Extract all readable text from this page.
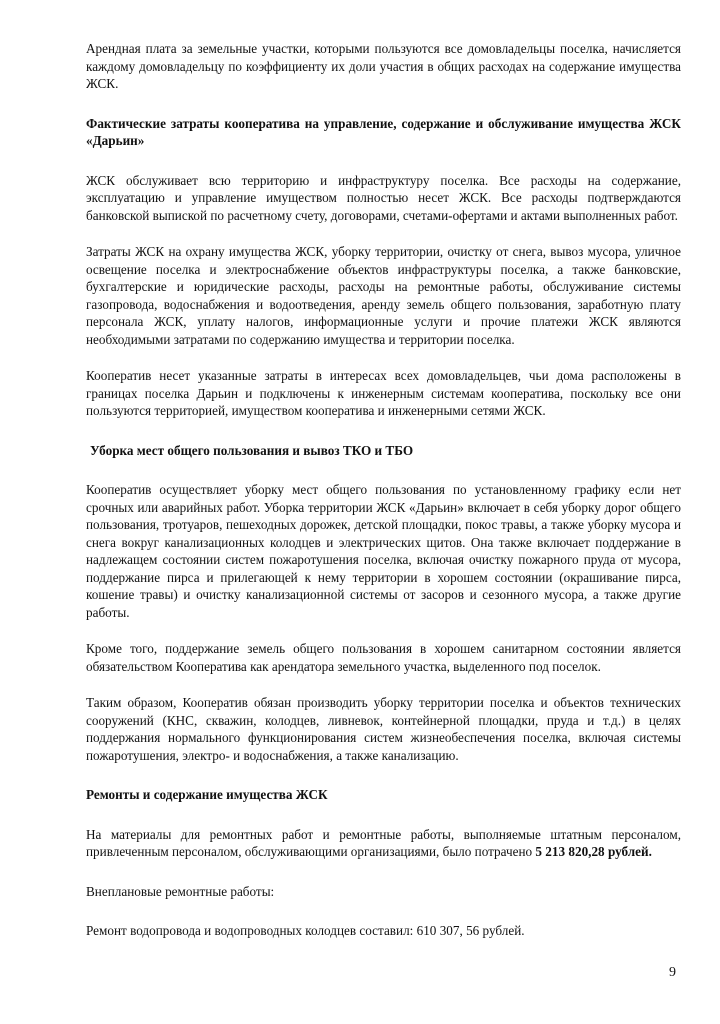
Арендная плата за земельные участки, которыми пользуются все домовладельцы поселка, начисляется каждому домовладельцу по коэффициенту их доли участия в общих расходах на содержание имущества ЖСК.

Фактические затраты кооператива на управление, содержание и обслуживание имущества ЖСК «Дарьин»

ЖСК обслуживает всю территорию и инфраструктуру поселка. Все расходы на содержание, эксплуатацию и управление имуществом полностью несет ЖСК. Все расходы подтверждаются банковской выпиской по расчетному счету, договорами, счетами-офертами и актами выполненных работ.

Затраты ЖСК на охрану имущества ЖСК, уборку территории, очистку от снега, вывоз мусора, уличное освещение поселка и электроснабжение объектов инфраструктуры поселка, а также банковские, бухгалтерские и юридические расходы, расходы на ремонтные работы, обслуживание системы газопровода, водоснабжения и водоотведения, аренду земель общего пользования, заработную плату персонала ЖСК, уплату налогов, информационные услуги и прочие платежи ЖСК являются необходимыми затратами по содержанию имущества и территории поселка.

Кооператив несет указанные затраты в интересах всех домовладельцев, чьи дома расположены в границах поселка Дарьин и подключены к инженерным системам кооператива, поскольку все они пользуются территорией, имуществом кооператива и инженерными сетями ЖСК.

Уборка мест общего пользования и вывоз ТКО и ТБО

Кооператив осуществляет уборку мест общего пользования по установленному графику если нет срочных или аварийных работ. Уборка территории ЖСК «Дарьин» включает в себя уборку дорог общего пользования, тротуаров, пешеходных дорожек, детской площадки, покос травы, а также уборку мусора и снега вокруг канализационных колодцев и электрических щитов. Она также включает поддержание в надлежащем состоянии систем пожаротушения поселка, включая очистку пожарного пруда от мусора, поддержание пирса и прилегающей к нему территории в хорошем состоянии (окрашивание пирса, кошение травы) и очистку канализационной системы от засоров и сезонного мусора, а также другие работы.

Кроме того, поддержание земель общего пользования в хорошем санитарном состоянии является обязательством Кооператива как арендатора земельного участка, выделенного под поселок.

Таким образом, Кооператив обязан производить уборку территории поселка и объектов технических сооружений (КНС, скважин, колодцев, ливневок, контейнерной площадки, пруда и т.д.) в целях поддержания нормального функционирования систем жизнеобеспечения поселка, включая системы пожаротушения, электро- и водоснабжения, а также канализацию.

Ремонты и содержание имущества ЖСК

На материалы для ремонтных работ и ремонтные работы, выполняемые штатным персоналом, привлеченным персоналом, обслуживающими организациями, было потрачено 5 213 820,28 рублей.

Внеплановые ремонтные работы:

Ремонт водопровода и водопроводных колодцев составил: 610 307, 56 рублей.

9
